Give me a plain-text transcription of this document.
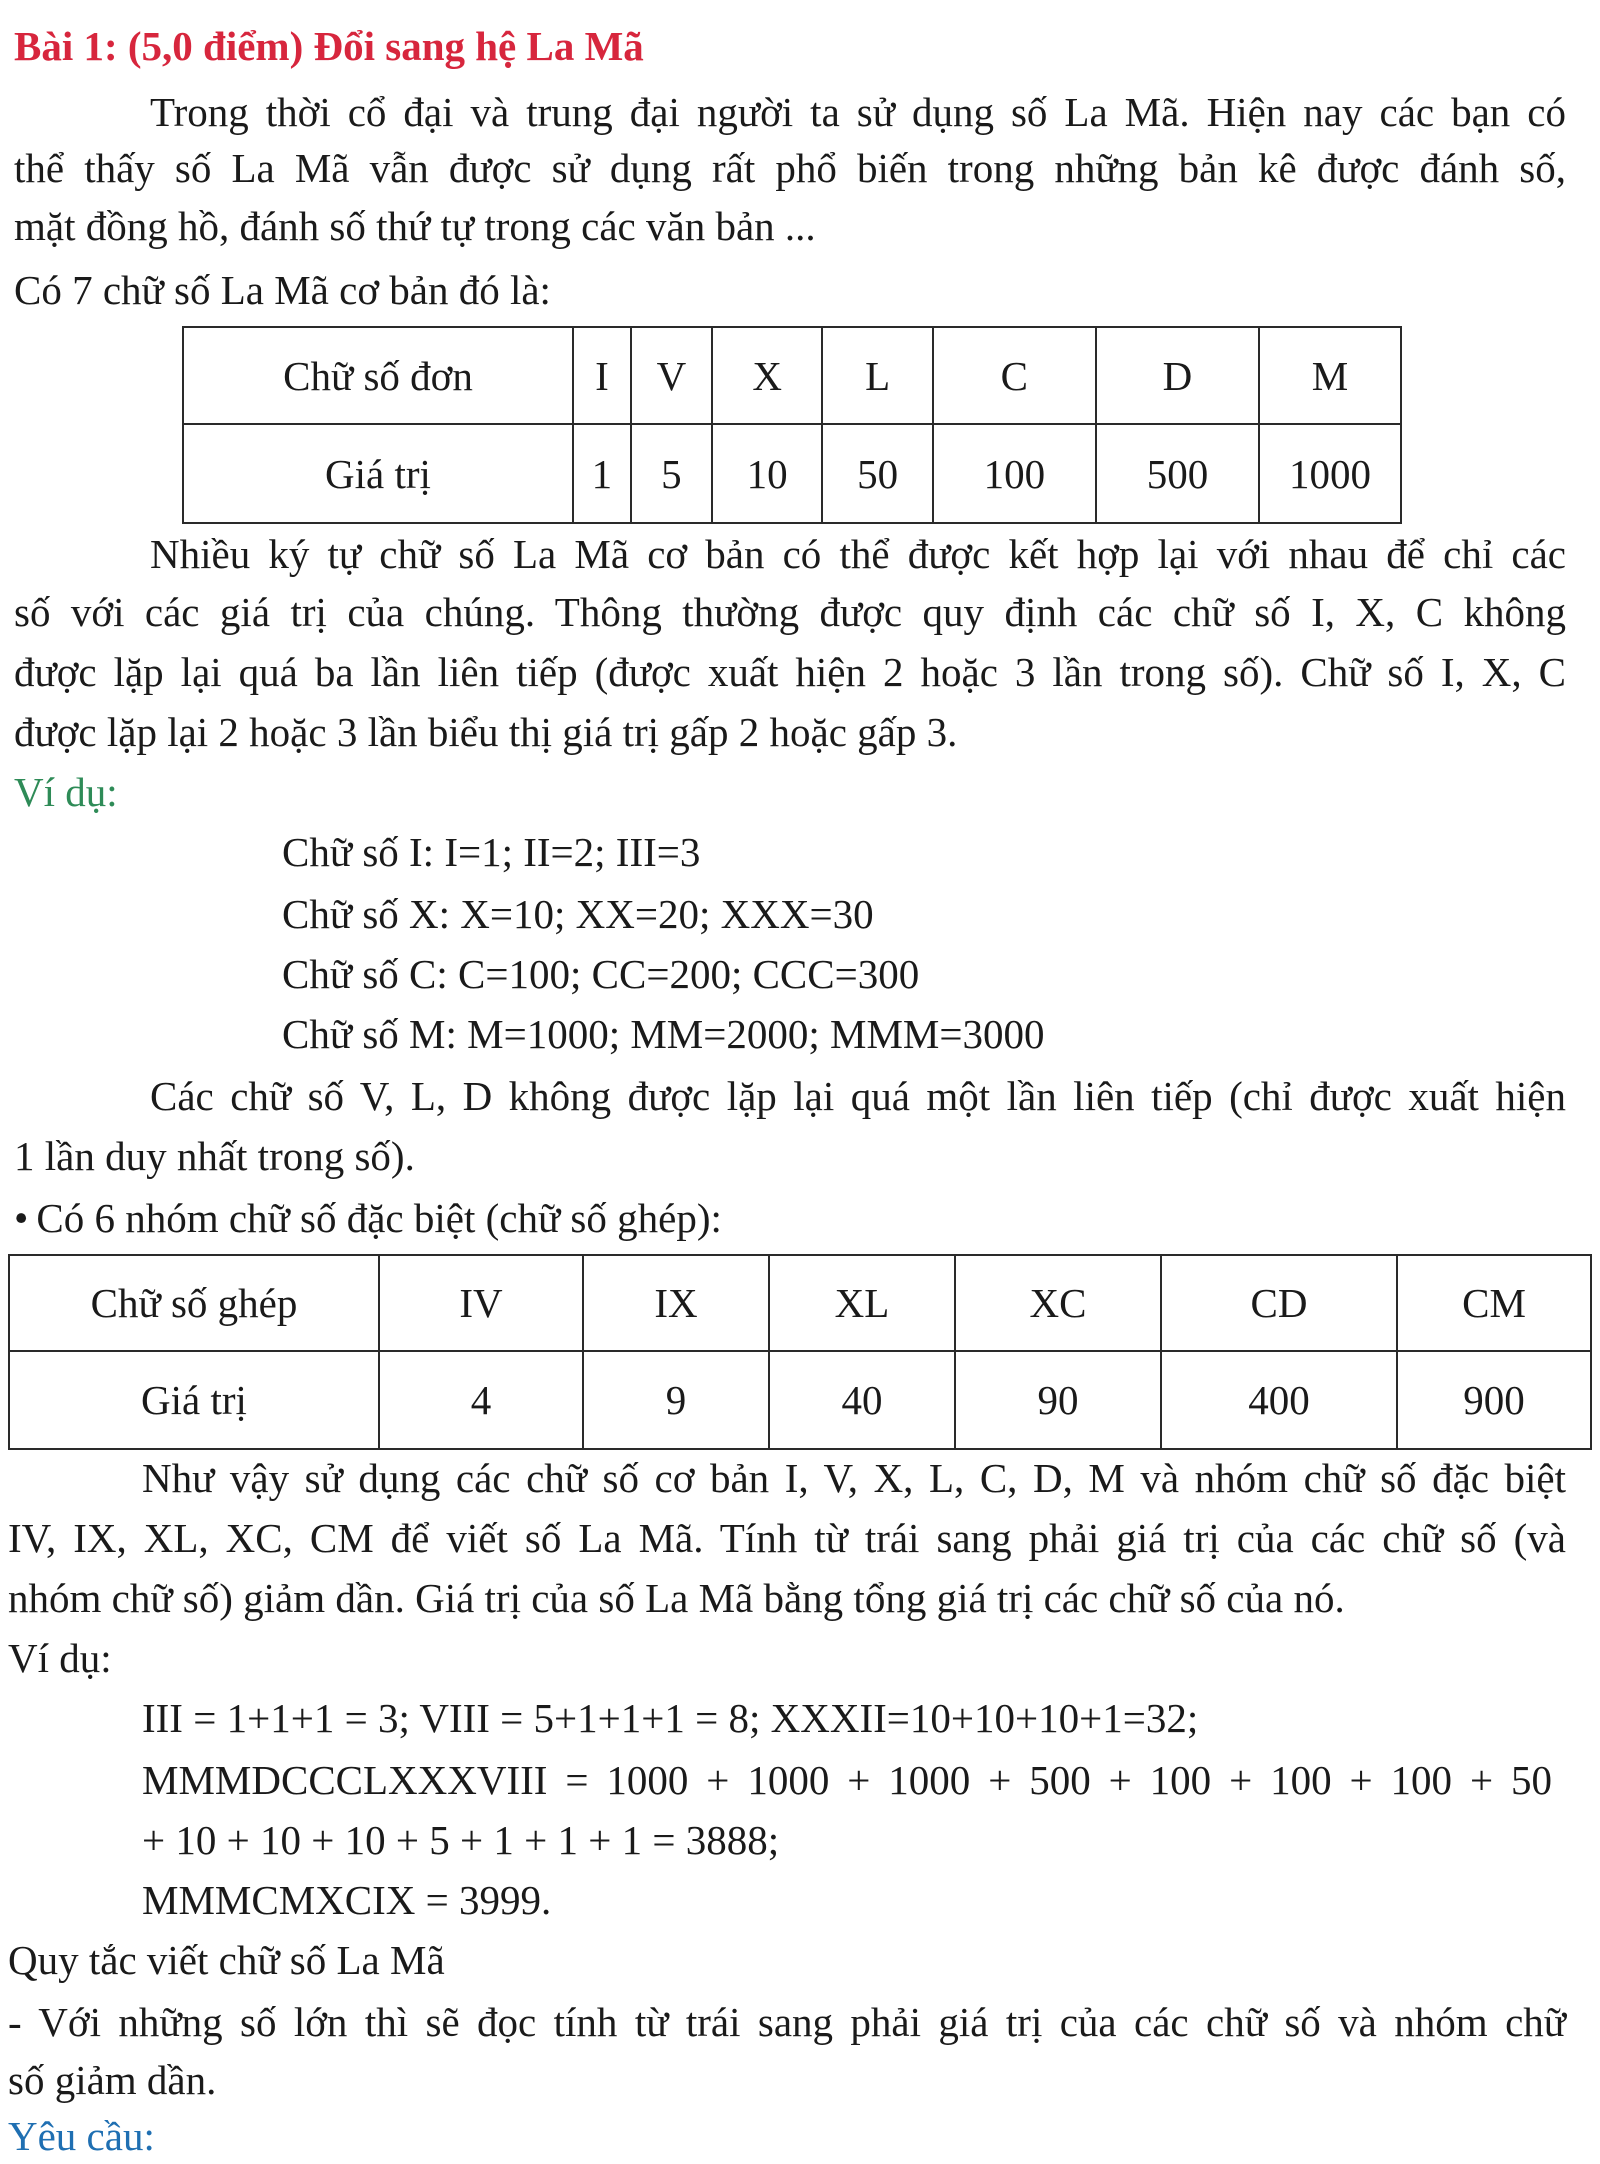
Bài 1: (5,0 điểm) Đổi sang hệ La Mã
Trong thời cổ đại và trung đại người ta sử dụng số La Mã. Hiện nay các bạn có
thể thấy số La Mã vẫn được sử dụng rất phổ biến trong những bản kê được đánh số,
mặt đồng hồ, đánh số thứ tự trong các văn bản ...
Có 7 chữ số La Mã cơ bản đó là:
Chữ số đơn	I	V	X	L	C	D	M
Giá trị	1	5	10	50	100	500	1000
Nhiều ký tự chữ số La Mã cơ bản có thể được kết hợp lại với nhau để chỉ các
số với các giá trị của chúng. Thông thường được quy định các chữ số I, X, C không
được lặp lại quá ba lần liên tiếp (được xuất hiện 2 hoặc 3 lần trong số). Chữ số I, X, C
được lặp lại 2 hoặc 3 lần biểu thị giá trị gấp 2 hoặc gấp 3.
Ví dụ:
Chữ số I: I=1; II=2; III=3
Chữ số X: X=10; XX=20; XXX=30
Chữ số C: C=100; CC=200; CCC=300
Chữ số M: M=1000; MM=2000; MMM=3000
Các chữ số V, L, D không được lặp lại quá một lần liên tiếp (chỉ được xuất hiện
1 lần duy nhất trong số).
• Có 6 nhóm chữ số đặc biệt (chữ số ghép):
Chữ số ghép	IV	IX	XL	XC	CD	CM
Giá trị	4	9	40	90	400	900
Như vậy sử dụng các chữ số cơ bản I, V, X, L, C, D, M và nhóm chữ số đặc biệt
IV, IX, XL, XC, CM để viết số La Mã. Tính từ trái sang phải giá trị của các chữ số (và
nhóm chữ số) giảm dần. Giá trị của số La Mã bằng tổng giá trị các chữ số của nó.
Ví dụ:
III = 1+1+1 = 3; VIII = 5+1+1+1 = 8; XXXII=10+10+10+1=32;
MMMDCCCLXXXVIII = 1000 + 1000 + 1000 + 500 + 100 + 100 + 100 + 50
+ 10 + 10 + 10 + 5 + 1 + 1 + 1 = 3888;
MMMCMXCIX = 3999.
Quy tắc viết chữ số La Mã
- Với những số lớn thì sẽ đọc tính từ trái sang phải giá trị của các chữ số và nhóm chữ
số giảm dần.
Yêu cầu:
